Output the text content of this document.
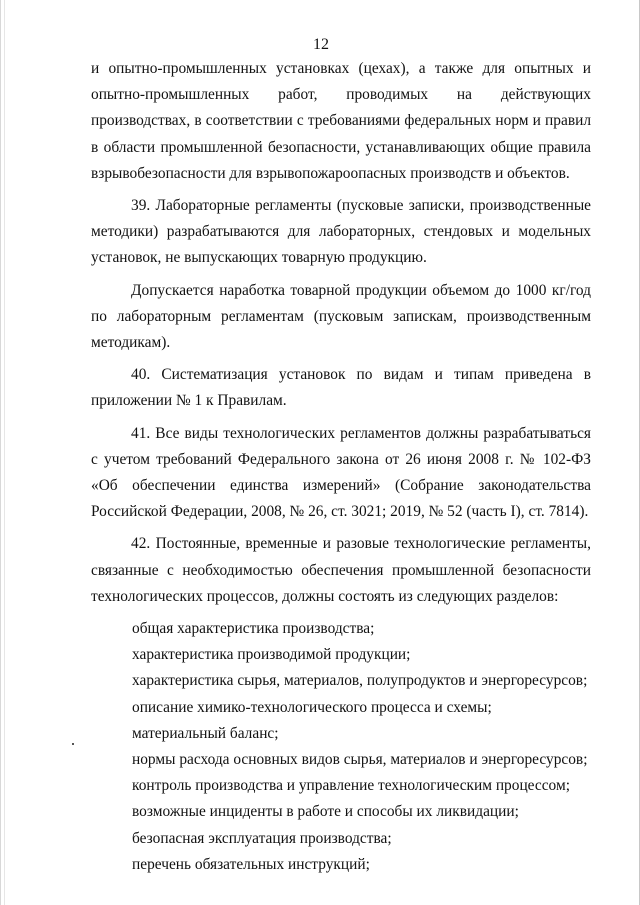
12

и опытно-промышленных установках (цехах), а также для опытных и опытно-промышленных работ, проводимых на действующих производствах, в соответствии с требованиями федеральных норм и правил в области промышленной безопасности, устанавливающих общие правила взрывобезопасности для взрывопожароопасных производств и объектов.

39. Лабораторные регламенты (пусковые записки, производственные методики) разрабатываются для лабораторных, стендовых и модельных установок, не выпускающих товарную продукцию.

Допускается наработка товарной продукции объемом до 1000 кг/год по лабораторным регламентам (пусковым запискам, производственным методикам).

40. Систематизация установок по видам и типам приведена в приложении № 1 к Правилам.

41. Все виды технологических регламентов должны разрабатываться с учетом требований Федерального закона от 26 июня 2008 г. № 102-ФЗ «Об обеспечении единства измерений» (Собрание законодательства Российской Федерации, 2008, № 26, ст. 3021; 2019, № 52 (часть I), ст. 7814).

42. Постоянные, временные и разовые технологические регламенты, связанные с необходимостью обеспечения промышленной безопасности технологических процессов, должны состоять из следующих разделов:

общая характеристика производства;

характеристика производимой продукции;

характеристика сырья, материалов, полупродуктов и энергоресурсов;

описание химико-технологического процесса и схемы;

материальный баланс;

нормы расхода основных видов сырья, материалов и энергоресурсов;

контроль производства и управление технологическим процессом;

возможные инциденты в работе и способы их ликвидации;

безопасная эксплуатация производства;

перечень обязательных инструкций;
